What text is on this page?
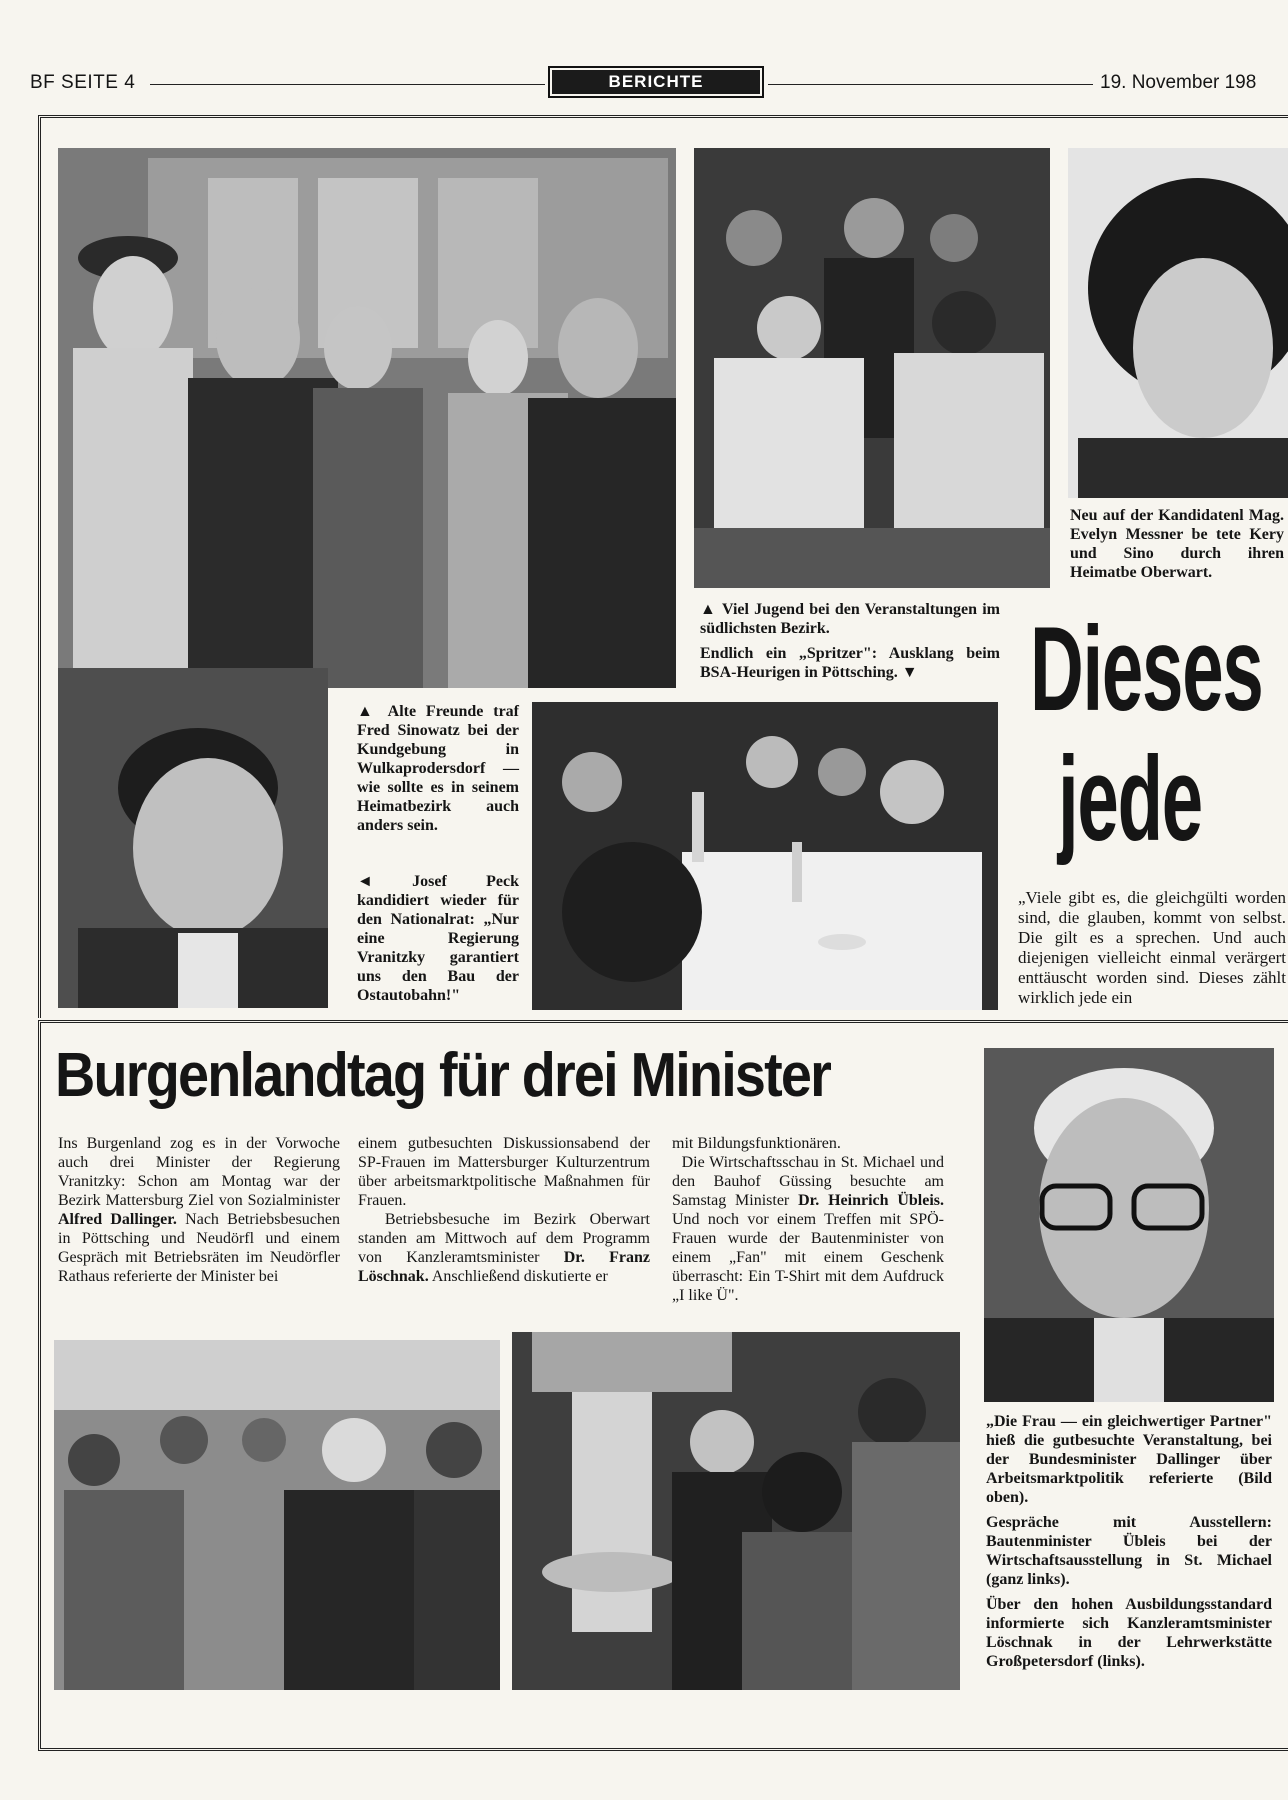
BF SEITE 4	BERICHTE	19. November 198

▲ Viel Jugend bei den Veranstaltungen im südlichsten Bezirk.

Endlich ein „Spritzer": Ausklang beim BSA-Heurigen in Pöttsching. ▼

▲ Alte Freunde traf Fred Sinowatz bei der Kundgebung in Wulkaprodersdorf — wie sollte es in seinem Heimatbezirk auch anders sein.

◄ Josef Peck kandidiert wieder für den Nationalrat: „Nur eine Regierung Vranitzky garantiert uns den Bau der Ostautobahn!"

Neu auf der Kandidatenl Mag. Evelyn Messner be tete Kery und Sino durch ihren Heimatbe Oberwart.

Dieses
jede
„Viele gibt es, die gleichgülti worden sind, die glauben, kommt von selbst. Die gilt es a sprechen. Und auch diejenigen vielleicht einmal verärgert enttäuscht worden sind. Dieses zählt wirklich jede ein
Burgenlandtag für drei Minister
Ins Burgenland zog es in der Vorwoche auch drei Minister der Regierung Vranitzky: Schon am Montag war der Bezirk Mattersburg Ziel von Sozialminister Alfred Dallinger. Nach Betriebsbesuchen in Pöttsching und Neudörfl und einem Gespräch mit Betriebsräten im Neudörfler Rathaus referierte der Minister bei
einem gutbesuchten Diskussionsabend der SP-Frauen im Mattersburger Kulturzentrum über arbeitsmarktpolitische Maßnahmen für Frauen.
Betriebsbesuche im Bezirk Oberwart standen am Mittwoch auf dem Programm von Kanzleramtsminister Dr. Franz Löschnak. Anschließend diskutierte er
mit Bildungsfunktionären.
Die Wirtschaftsschau in St. Michael und den Bauhof Güssing besuchte am Samstag Minister Dr. Heinrich Übleis. Und noch vor einem Treffen mit SPÖ-Frauen wurde der Bautenminister von einem „Fan" mit einem Geschenk überrascht: Ein T-Shirt mit dem Aufdruck „I like Ü".

„Die Frau — ein gleichwertiger Partner" hieß die gutbesuchte Veranstaltung, bei der Bundesminister Dallinger über Arbeitsmarktpolitik referierte (Bild oben).

Gespräche mit Ausstellern: Bautenminister Übleis bei der Wirtschaftsausstellung in St. Michael (ganz links).

Über den hohen Ausbildungsstandard informierte sich Kanzleramtsminister Löschnak in der Lehrwerkstätte Großpetersdorf (links).
